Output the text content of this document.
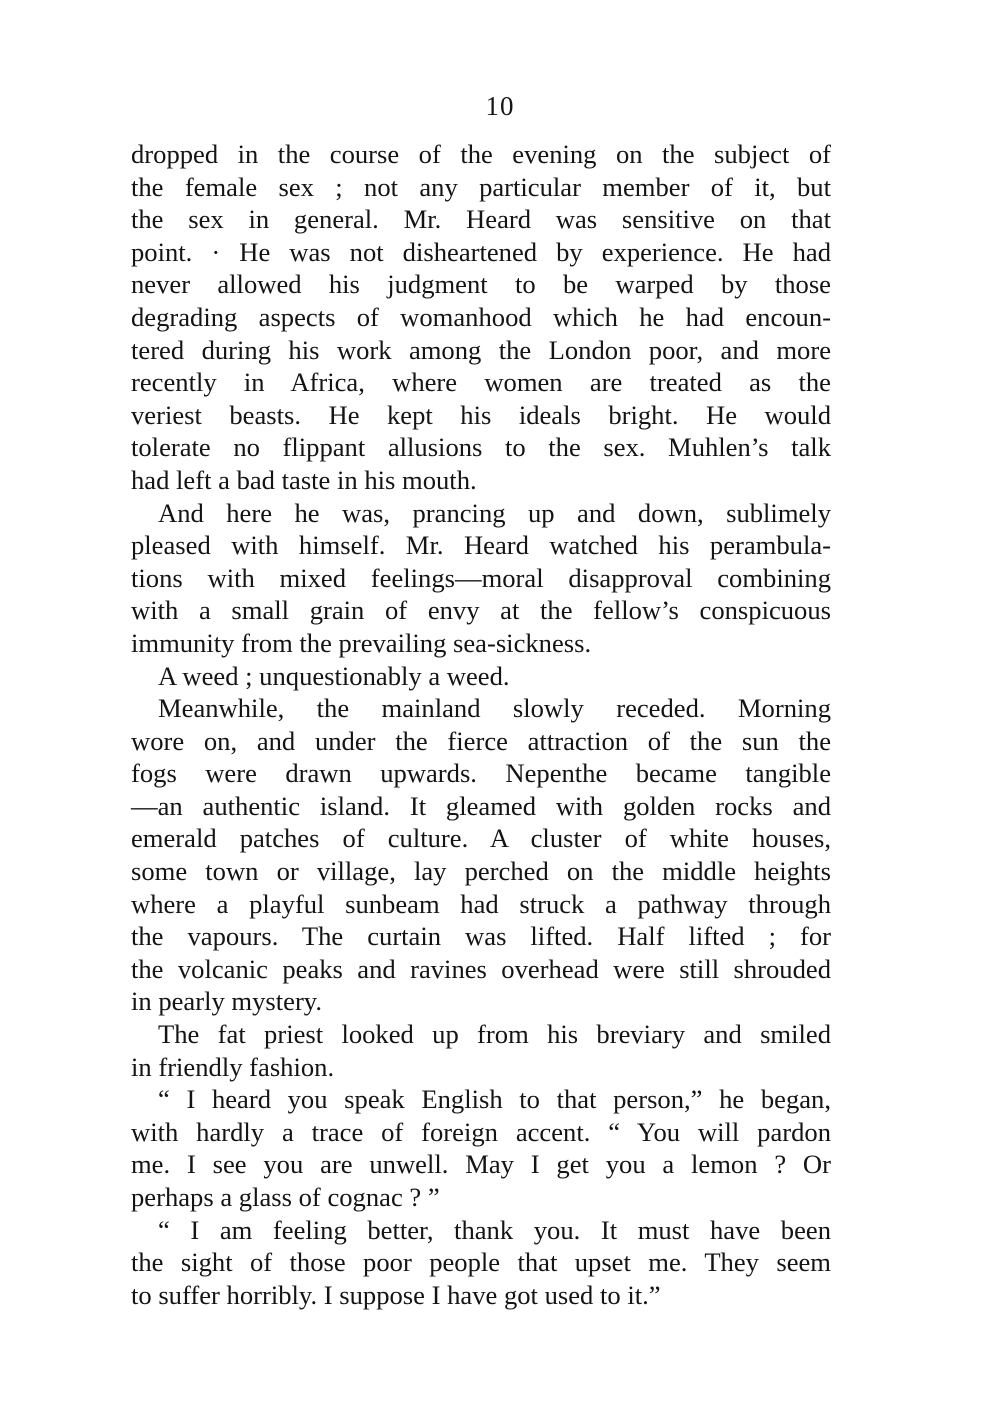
10
dropped in the course of the evening on the subject of
the female sex ; not any particular member of it, but
the sex in general. Mr. Heard was sensitive on that
point. · He was not disheartened by experience. He had
never allowed his judgment to be warped by those
degrading aspects of womanhood which he had encoun-
tered during his work among the London poor, and more
recently in Africa, where women are treated as the
veriest beasts. He kept his ideals bright. He would
tolerate no flippant allusions to the sex. Muhlen’s talk
had left a bad taste in his mouth.
And here he was, prancing up and down, sublimely
pleased with himself. Mr. Heard watched his perambula-
tions with mixed feelings—moral disapproval combining
with a small grain of envy at the fellow’s conspicuous
immunity from the prevailing sea-sickness.
A weed ; unquestionably a weed.
Meanwhile, the mainland slowly receded. Morning
wore on, and under the fierce attraction of the sun the
fogs were drawn upwards. Nepenthe became tangible
—an authentic island. It gleamed with golden rocks and
emerald patches of culture. A cluster of white houses,
some town or village, lay perched on the middle heights
where a playful sunbeam had struck a pathway through
the vapours. The curtain was lifted. Half lifted ; for
the volcanic peaks and ravines overhead were still shrouded
in pearly mystery.
The fat priest looked up from his breviary and smiled
in friendly fashion.
“ I heard you speak English to that person,” he began,
with hardly a trace of foreign accent. “ You will pardon
me. I see you are unwell. May I get you a lemon ? Or
perhaps a glass of cognac ? ”
“ I am feeling better, thank you. It must have been
the sight of those poor people that upset me. They seem
to suffer horribly. I suppose I have got used to it.”
